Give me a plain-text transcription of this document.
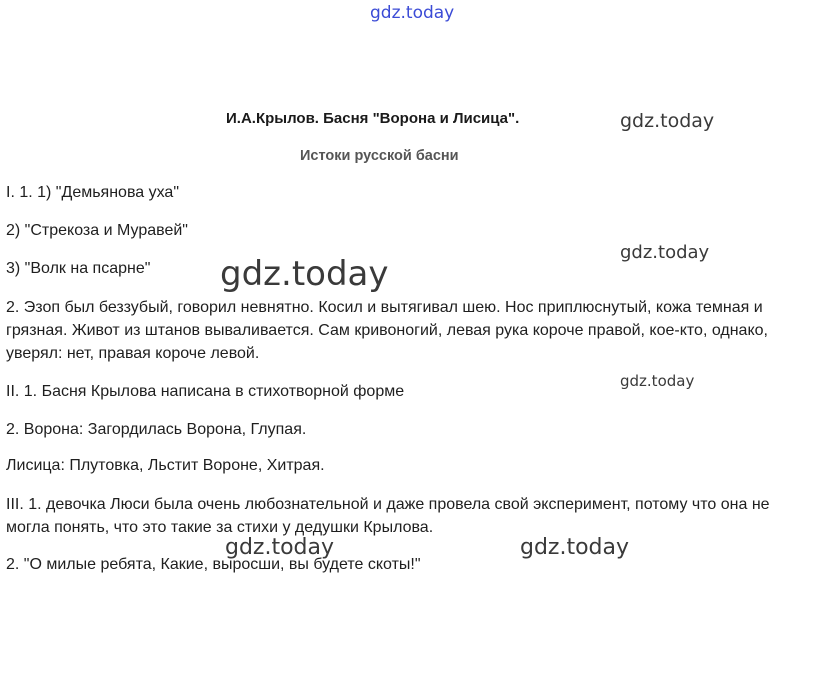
gdz.today
И.А.Крылов. Басня "Ворона и Лисица".
Истоки русской басни
I. 1. 1) "Демьянова уха"
2) "Стрекоза и Муравей"
3) "Волк на псарне"
2. Эзоп был беззубый, говорил невнятно. Косил и вытягивал шею. Нос приплюснутый, кожа темная и грязная. Живот из штанов вываливается. Сам кривоногий, левая рука короче правой, кое-кто, однако, уверял: нет, правая короче левой.
II. 1. Басня Крылова написана в стихотворной форме
2. Ворона: Загордилась Ворона, Глупая.
Лисица: Плутовка, Льстит Вороне, Хитрая.
III. 1. девочка Люси была очень любознательной и даже провела свой эксперимент, потому что она не могла понять, что это такие за стихи у дедушки Крылова.
2. "О милые ребята, Какие, выросши, вы будете скоты!"
gdz.today
gdz.today
gdz.today
gdz.today
gdz.today	gdz.today
